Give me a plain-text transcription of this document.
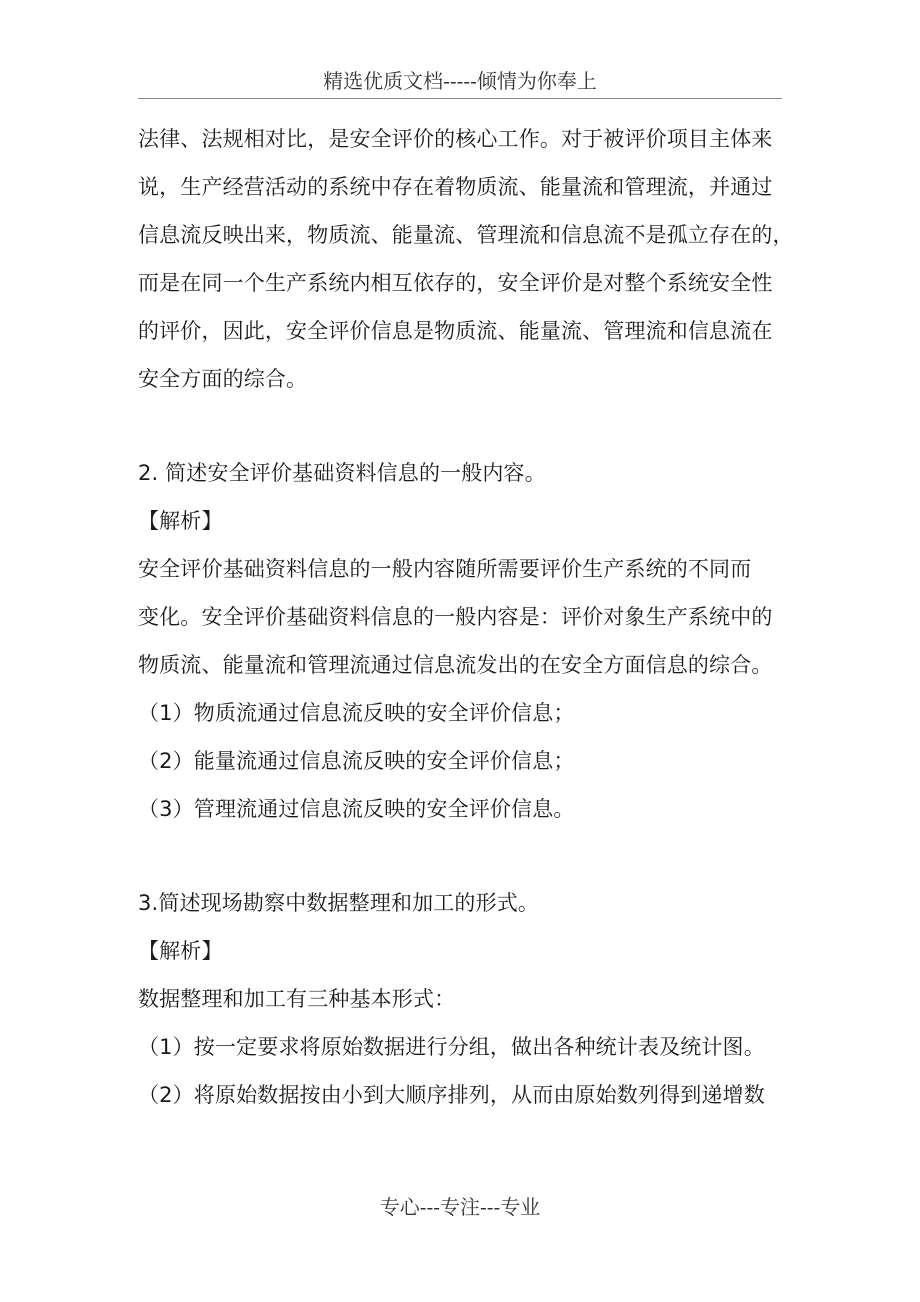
精选优质文档-----倾情为你奉上
法律、法规相对比，是安全评价的核心工作。对于被评价项目主体来
说，生产经营活动的系统中存在着物质流、能量流和管理流，并通过
信息流反映出来，物质流、能量流、管理流和信息流不是孤立存在的，
而是在同一个生产系统内相互依存的，安全评价是对整个系统安全性
的评价，因此，安全评价信息是物质流、能量流、管理流和信息流在
安全方面的综合。
2. 简述安全评价基础资料信息的一般内容。
【解析】
安全评价基础资料信息的一般内容随所需要评价生产系统的不同而
变化。安全评价基础资料信息的一般内容是：评价对象生产系统中的
物质流、能量流和管理流通过信息流发出的在安全方面信息的综合。
（1）物质流通过信息流反映的安全评价信息；
（2）能量流通过信息流反映的安全评价信息；
（3）管理流通过信息流反映的安全评价信息。
3.简述现场勘察中数据整理和加工的形式。
【解析】
数据整理和加工有三种基本形式：
（1）按一定要求将原始数据进行分组，做出各种统计表及统计图。
（2）将原始数据按由小到大顺序排列，从而由原始数列得到递增数
专心---专注---专业
